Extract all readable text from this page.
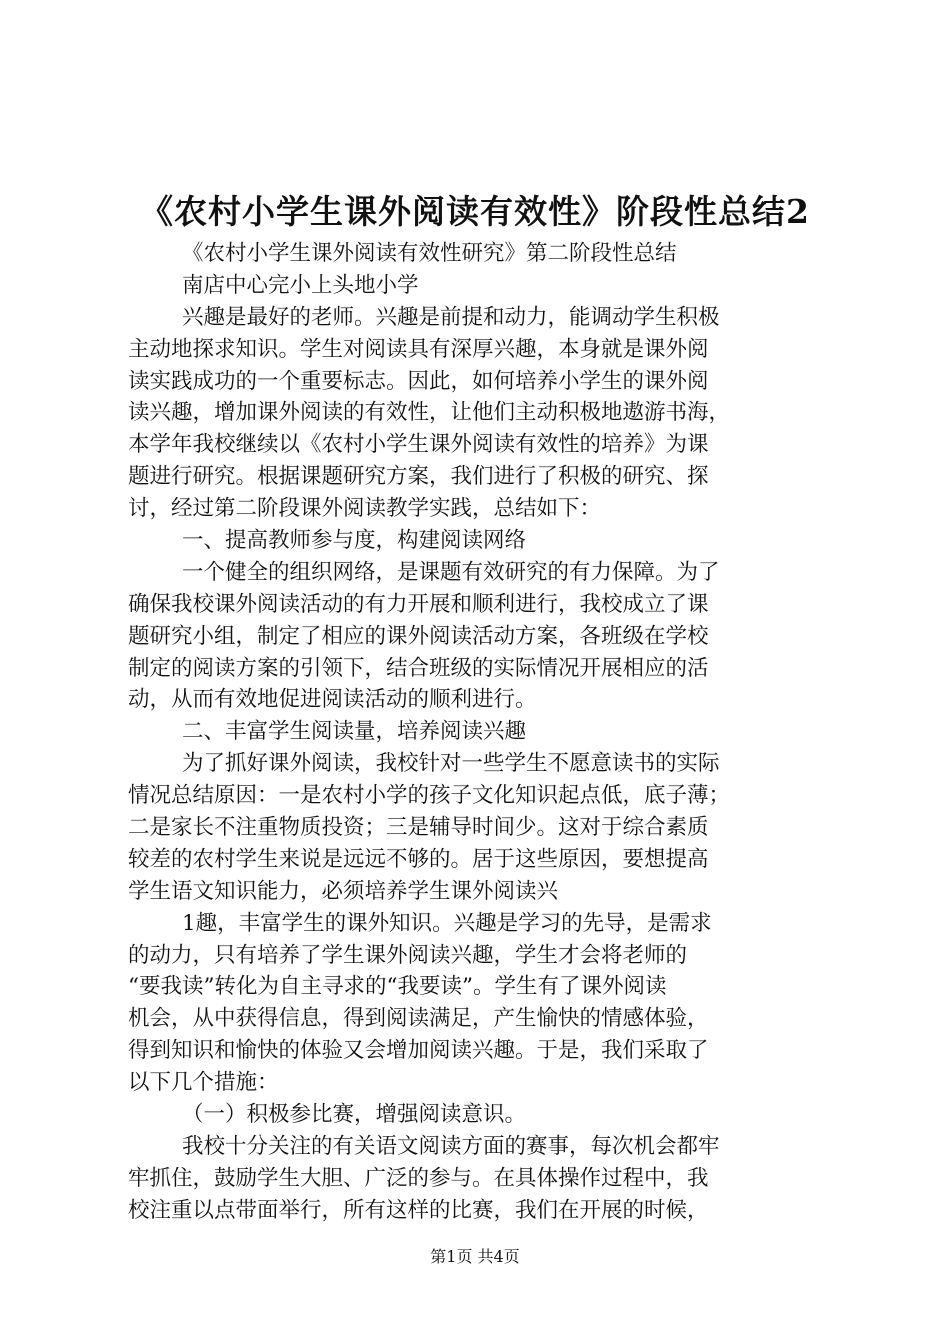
《农村小学生课外阅读有效性》阶段性总结2
《农村小学生课外阅读有效性研究》第二阶段性总结
南店中心完小上头地小学
兴趣是最好的老师。兴趣是前提和动力，能调动学生积极
主动地探求知识。学生对阅读具有深厚兴趣，本身就是课外阅
读实践成功的一个重要标志。因此，如何培养小学生的课外阅
读兴趣，增加课外阅读的有效性，让他们主动积极地遨游书海，
本学年我校继续以《农村小学生课外阅读有效性的培养》为课
题进行研究。根据课题研究方案，我们进行了积极的研究、探
讨，经过第二阶段课外阅读教学实践，总结如下：
一、提高教师参与度，构建阅读网络
一个健全的组织网络，是课题有效研究的有力保障。为了
确保我校课外阅读活动的有力开展和顺利进行，我校成立了课
题研究小组，制定了相应的课外阅读活动方案，各班级在学校
制定的阅读方案的引领下，结合班级的实际情况开展相应的活
动，从而有效地促进阅读活动的顺利进行。
二、丰富学生阅读量，培养阅读兴趣
为了抓好课外阅读，我校针对一些学生不愿意读书的实际
情况总结原因：一是农村小学的孩子文化知识起点低，底子薄；
二是家长不注重物质投资；三是辅导时间少。这对于综合素质
较差的农村学生来说是远远不够的。居于这些原因，要想提高
学生语文知识能力，必须培养学生课外阅读兴
1趣，丰富学生的课外知识。兴趣是学习的先导，是需求
的动力，只有培养了学生课外阅读兴趣，学生才会将老师的
“要我读”转化为自主寻求的“我要读”。学生有了课外阅读
机会，从中获得信息，得到阅读满足，产生愉快的情感体验，
得到知识和愉快的体验又会增加阅读兴趣。于是，我们采取了
以下几个措施：
（一）积极参比赛，增强阅读意识。
我校十分关注的有关语文阅读方面的赛事，每次机会都牢
牢抓住，鼓励学生大胆、广泛的参与。在具体操作过程中，我
校注重以点带面举行，所有这样的比赛，我们在开展的时候，
第1页 共4页
